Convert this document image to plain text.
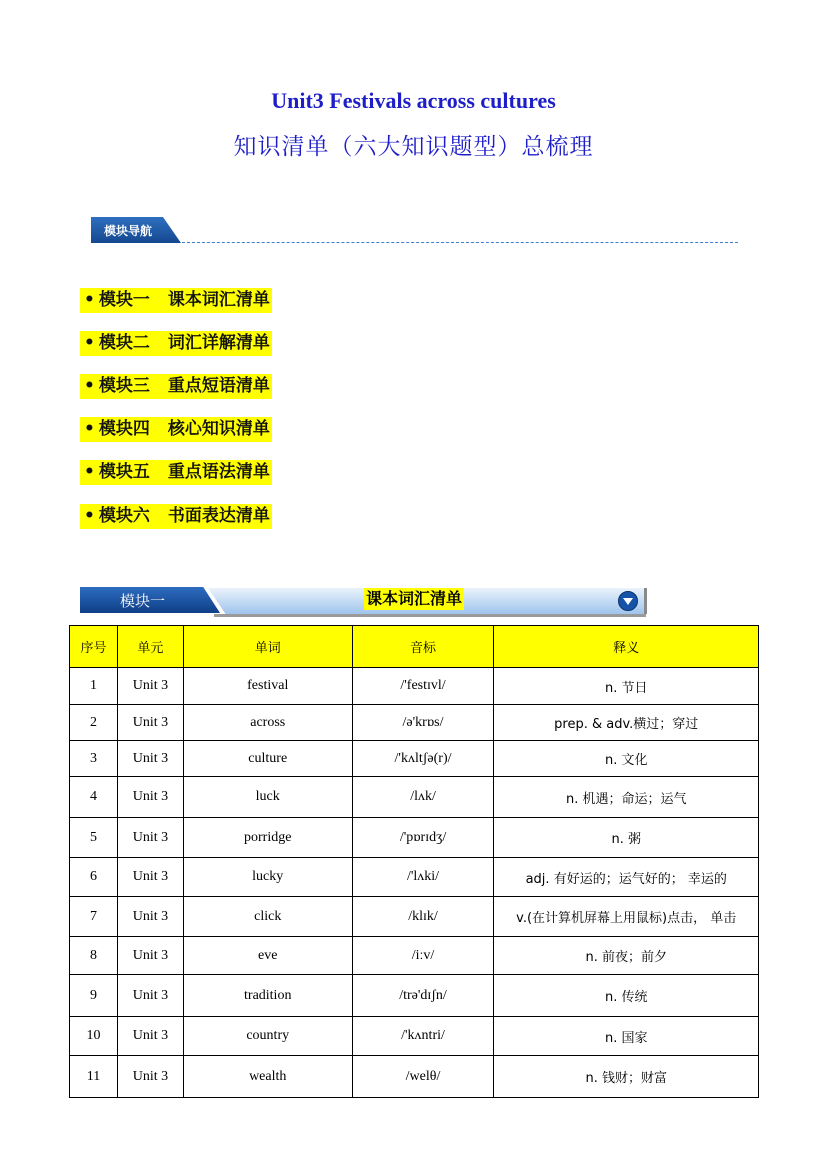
Unit3 Festivals across cultures
知识清单（六大知识题型）总梳理
模块导航
• 模块一 课本词汇清单
• 模块二 词汇详解清单
• 模块三 重点短语清单
• 模块四 核心知识清单
• 模块五 重点语法清单
• 模块六 书面表达清单
模块一	课本词汇清单
序号	单元	单词	音标	释义
1	Unit 3	festival	/'festɪvl/	n. 节日
2	Unit 3	across	/ə'krɒs/	prep. & adv.横过；穿过
3	Unit 3	culture	/'kʌltʃə(r)/	n. 文化
4	Unit 3	luck	/lʌk/	n. 机遇；命运；运气
5	Unit 3	porridge	/'pɒrɪdʒ/	n. 粥
6	Unit 3	lucky	/'lʌki/	adj. 有好运的；运气好的； 幸运的
7	Unit 3	click	/klɪk/	v.(在计算机屏幕上用鼠标)点击， 单击
8	Unit 3	eve	/iːv/	n. 前夜；前夕
9	Unit 3	tradition	/trə'dɪʃn/	n. 传统
10	Unit 3	country	/'kʌntri/	n. 国家
11	Unit 3	wealth	/welθ/	n. 钱财；财富
